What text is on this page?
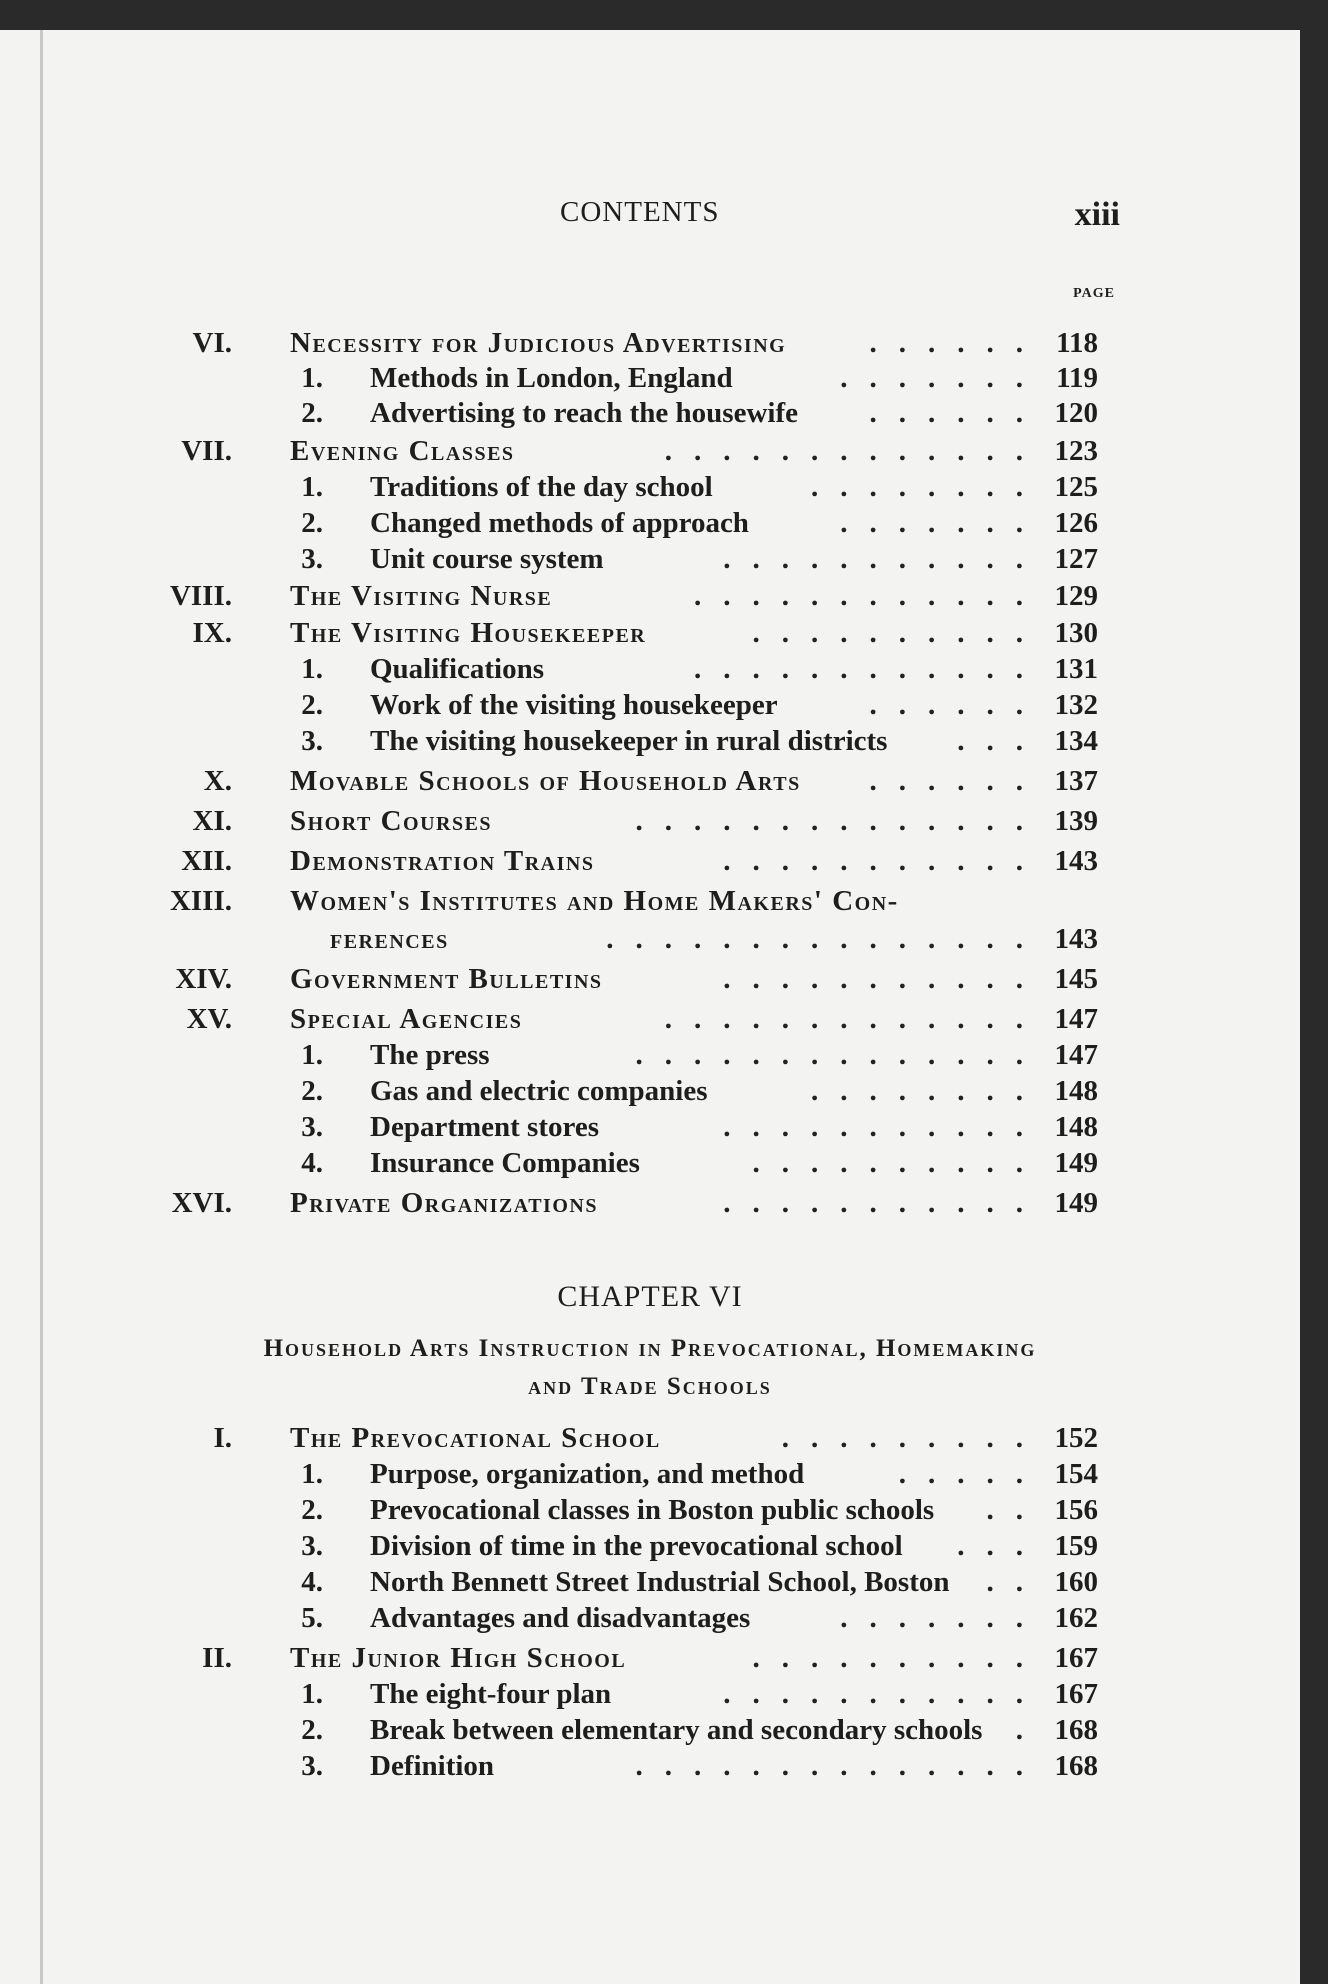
CONTENTS	xiii
PAGE
VI. Necessity for Judicious Advertising	...... 118
1. Methods in London, England	....... 119
2. Advertising to reach the housewife ...... 120
VII. Evening Classes	............. 123
1. Traditions of the day school	........ 125
2. Changed methods of approach	....... 126
3. Unit course system	........... 127
VIII. The Visiting Nurse	............ 129
IX. The Visiting Housekeeper	.......... 130
1. Qualifications	............ 131
2. Work of the visiting housekeeper	...... 132
3. The visiting housekeeper in rural districts ... 134
X. Movable Schools of Household Arts ...... 137
XI. Short Courses	.............. 139
XII. Demonstration Trains	........... 143
XIII. Women's Institutes and Home Makers' Con-
ferences	............... 143
XIV. Government Bulletins	........... 145
XV. Special Agencies	............. 147
1. The press	.............. 147
2. Gas and electric companies	........ 148
3. Department stores	........... 148
4. Insurance Companies	.......... 149
XVI. Private Organizations	........... 149
CHAPTER VI
Household Arts Instruction in Prevocational, Homemaking
and Trade Schools
I. The Prevocational School	......... 152
1. Purpose, organization, and method	..... 154
2. Prevocational classes in Boston public schools .. 156
3. Division of time in the prevocational school ... 159
4. North Bennett Street Industrial School, Boston .. 160
5. Advantages and disadvantages	....... 162
II. The Junior High School	.......... 167
1. The eight-four plan	........... 167
2. Break between elementary and secondary schools . 168
3. Definition	.............. 168
